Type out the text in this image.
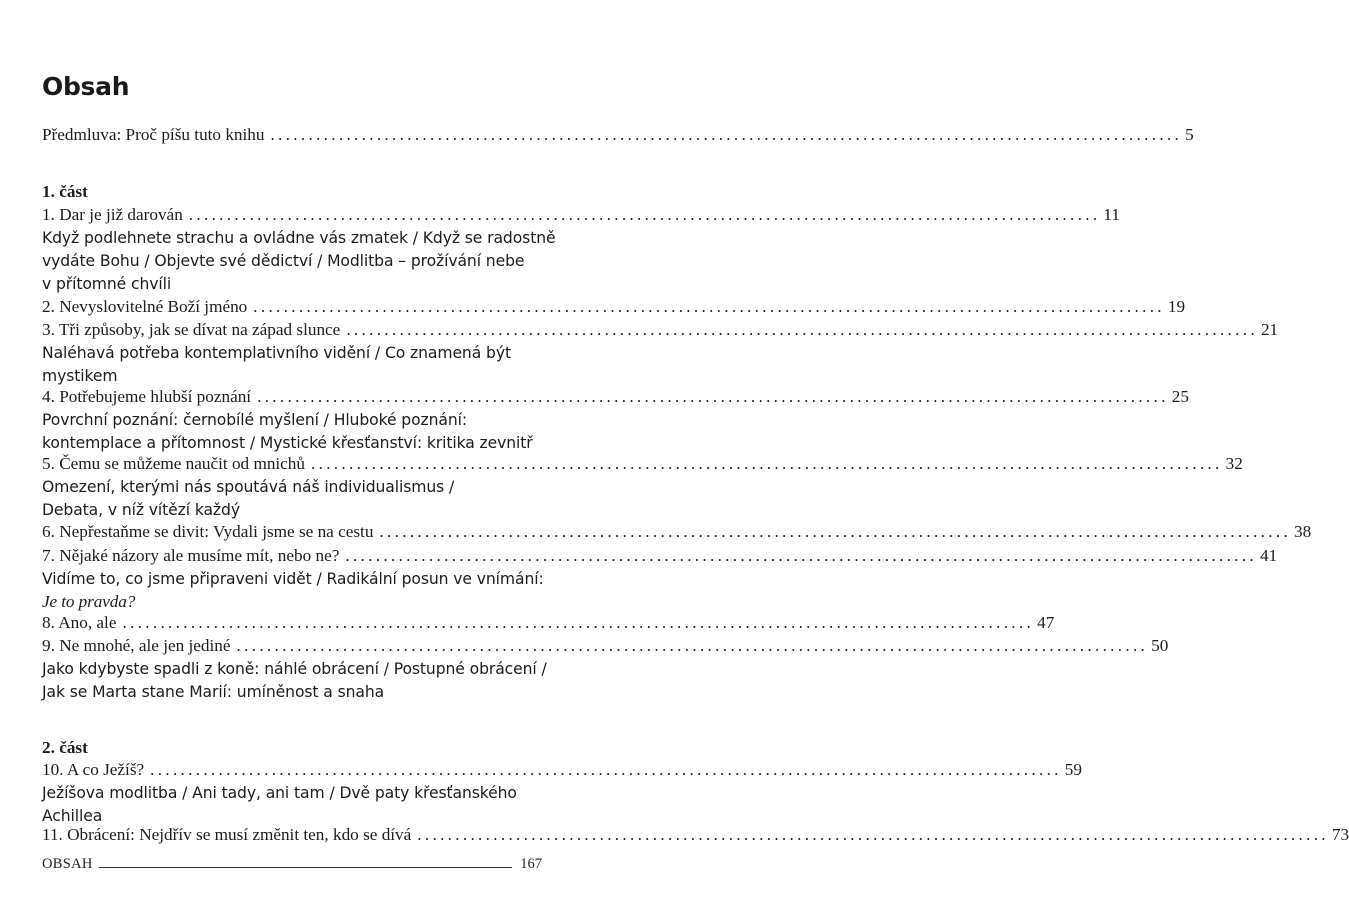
Obsah
Předmluva: Proč píšu tuto knihu ........................................................................................................................ 5
1. část
1. Dar je již darován ........................................................................................................................ 11
Když podlehnete strachu a ovládne vás zmatek / Když se radostně
vydáte Bohu / Objevte své dědictví / Modlitba – prožívání nebe
v přítomné chvíli
2. Nevyslovitelné Boží jméno ........................................................................................................................ 19
3. Tři způsoby, jak se dívat na západ slunce ........................................................................................................................ 21
Naléhavá potřeba kontemplativního vidění / Co znamená být
mystikem
4. Potřebujeme hlubší poznání ........................................................................................................................ 25
Povrchní poznání: černobílé myšlení / Hluboké poznání:
kontemplace a přítomnost / Mystické křesťanství: kritika zevnitř
5. Čemu se můžeme naučit od mnichů ........................................................................................................................ 32
Omezení, kterými nás spoutává náš individualismus /
Debata, v níž vítězí každý
6. Nepřestaňme se divit: Vydali jsme se na cestu ........................................................................................................................ 38
7. Nějaké názory ale musíme mít, nebo ne? ........................................................................................................................ 41
Vidíme to, co jsme připraveni vidět / Radikální posun ve vnímání:
Je to pravda?
8. Ano, ale ........................................................................................................................ 47
9. Ne mnohé, ale jen jediné ........................................................................................................................ 50
Jako kdybyste spadli z koně: náhlé obrácení / Postupné obrácení /
Jak se Marta stane Marií: umíněnost a snaha
2. část
10. A co Ježíš? ........................................................................................................................ 59
Ježíšova modlitba / Ani tady, ani tam / Dvě paty křesťanského
Achillea
11. Obrácení: Nejdřív se musí změnit ten, kdo se dívá ........................................................................................................................ 73
OBSAH	167
